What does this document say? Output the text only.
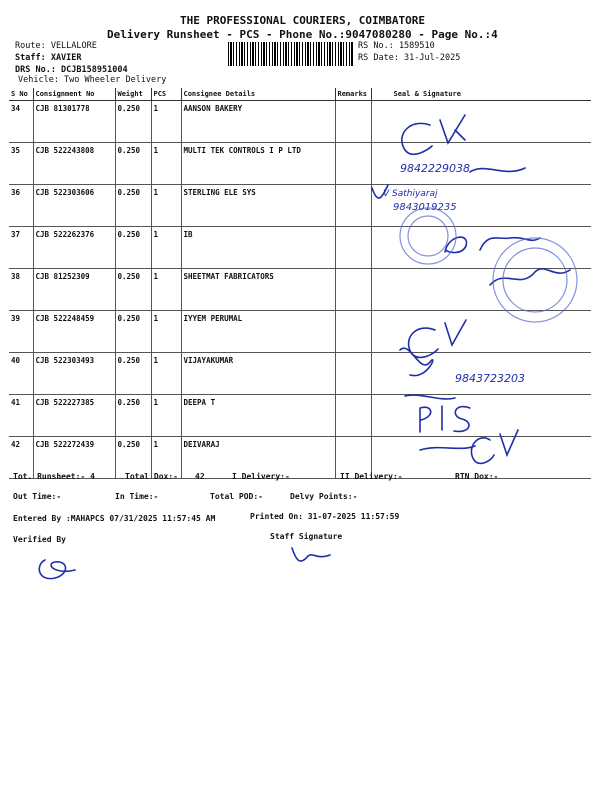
THE PROFESSIONAL COURIERS, COIMBATORE
Delivery Runsheet - PCS - Phone No.:9047080280 - Page No.:4
Route: VELLALORE
Staff: XAVIER
DRS No.: DCJB158951004
Vehicle: Two Wheeler Delivery
RS No.: 1589510
RS Date: 31-Jul-2025
S No	Consignment No	Weight	PCS	Consignee Details	Remarks	Seal & Signature
34	CJB 81301778	0.250	1	AANSON BAKERY		
35	CJB 522243808	0.250	1	MULTI TEK CONTROLS I P LTD		
36	CJB 522303606	0.250	1	STERLING ELE SYS		
37	CJB 522262376	0.250	1	IB		
38	CJB 81252309	0.250	1	SHEETMAT FABRICATORS		
39	CJB 522248459	0.250	1	IYYEM PERUMAL		
40	CJB 522303493	0.250	1	VIJAYAKUMAR		
41	CJB 522227385	0.250	1	DEEPA T		
42	CJB 522272439	0.250	1	DEIVARAJ		
9842229038
V Sathiyaraj
9843019235
9843723203
Tot. Runsheet:- 4	Total Dox:- 42	I Delivery:-	II Delivery:-	RTN Dox:-
Out Time:-	In Time:-	Total POD:-	Delvy Points:-
Entered By :MAHAPCS 07/31/2025 11:57:45 AM	Printed On: 31-07-2025 11:57:59
Verified By	Staff Signature
